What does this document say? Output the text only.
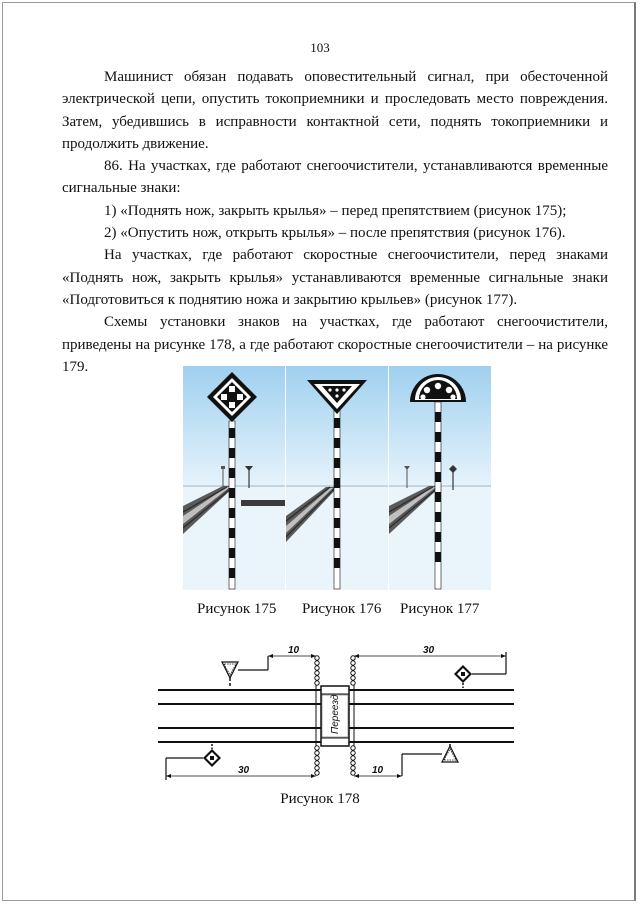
103

Машинист обязан подавать оповестительный сигнал, при обесточенной электрической цепи, опустить токоприемники и проследовать место повреждения. Затем, убедившись в исправности контактной сети, поднять токоприемники и продолжить движение.

86. На участках, где работают снегоочистители, устанавливаются временные сигнальные знаки:

1) «Поднять нож, закрыть крылья» – перед препятствием (рисунок 175);

2) «Опустить нож, открыть крылья» – после препятствия (рисунок 176).

На участках, где работают скоростные снегоочистители, перед знаками «Поднять нож, закрыть крылья» устанавливаются временные сигнальные знаки «Подготовиться к поднятию ножа и закрытию крыльев» (рисунок 177).

Схемы установки знаков на участках, где работают снегоочистители, приведены на рисунке 178, а где работают скоростные снегоочистители – на рисунке 179.

Рисунок 175 Рисунок 176 Рисунок 177
Переезд
10	30
30	10
Рисунок 178
